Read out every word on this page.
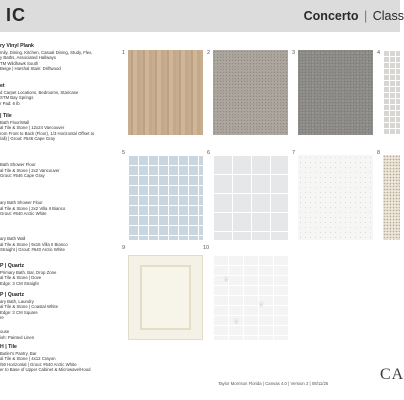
IC	Concerto | Class
ry Vinyl Plank
mily, Dining, Kitchen, Casual Dining, Study, Flex,
y Baths, Associated Hallways
TM Wildhawk South
Beige | Harshal Stain: Driftwood
et
d Carpet Locations, Bedrooms, Staircase
STM Bay Springs
r Pad: 6 lb
| Tile
Bath Floor/Wall
al Tile & Stone | 12x24 Vancouver
rom Front to Back (Floor), 1/3 Horizontal Offset to
/all) | Grout: #546 Cape Gray
Bath Shower Floor
al Tile & Stone | 2x2 Vancouver
Grout: #546 Cape Gray
ary Bath Shower Floor
al Tile & Stone | 2x2 Villa II Bianco
Grout: #640 Arctic White
ary Bath Wall
al Tile & Stone | 9x16 Villa II Bianco
Straight | Grout: #640 Arctic White
P | Quartz
Primary Bath, Bar, Drop Zone
al Tile & Stone | Dove
Edge: 3 CM Straight
P | Quartz
ary Bath, Laundry
al Tile & Stone | Coastal White
Edge: 3 CM Square
re
ouse
ish: Painted Linen
H | Tile
Butler's Pantry, Bar
al Tile & Stone | 4x12 Crayon
/50 Horizontal | Grout: #640 Arctic White
er to Base of Upper Cabinet & Microwave/Hood
1	2	3	4
5	6	7	8
9	10
❦
❦
❦
Taylor Morrison Florida | Canvas 4.0 | Version 2 | 08/11/25
CA
